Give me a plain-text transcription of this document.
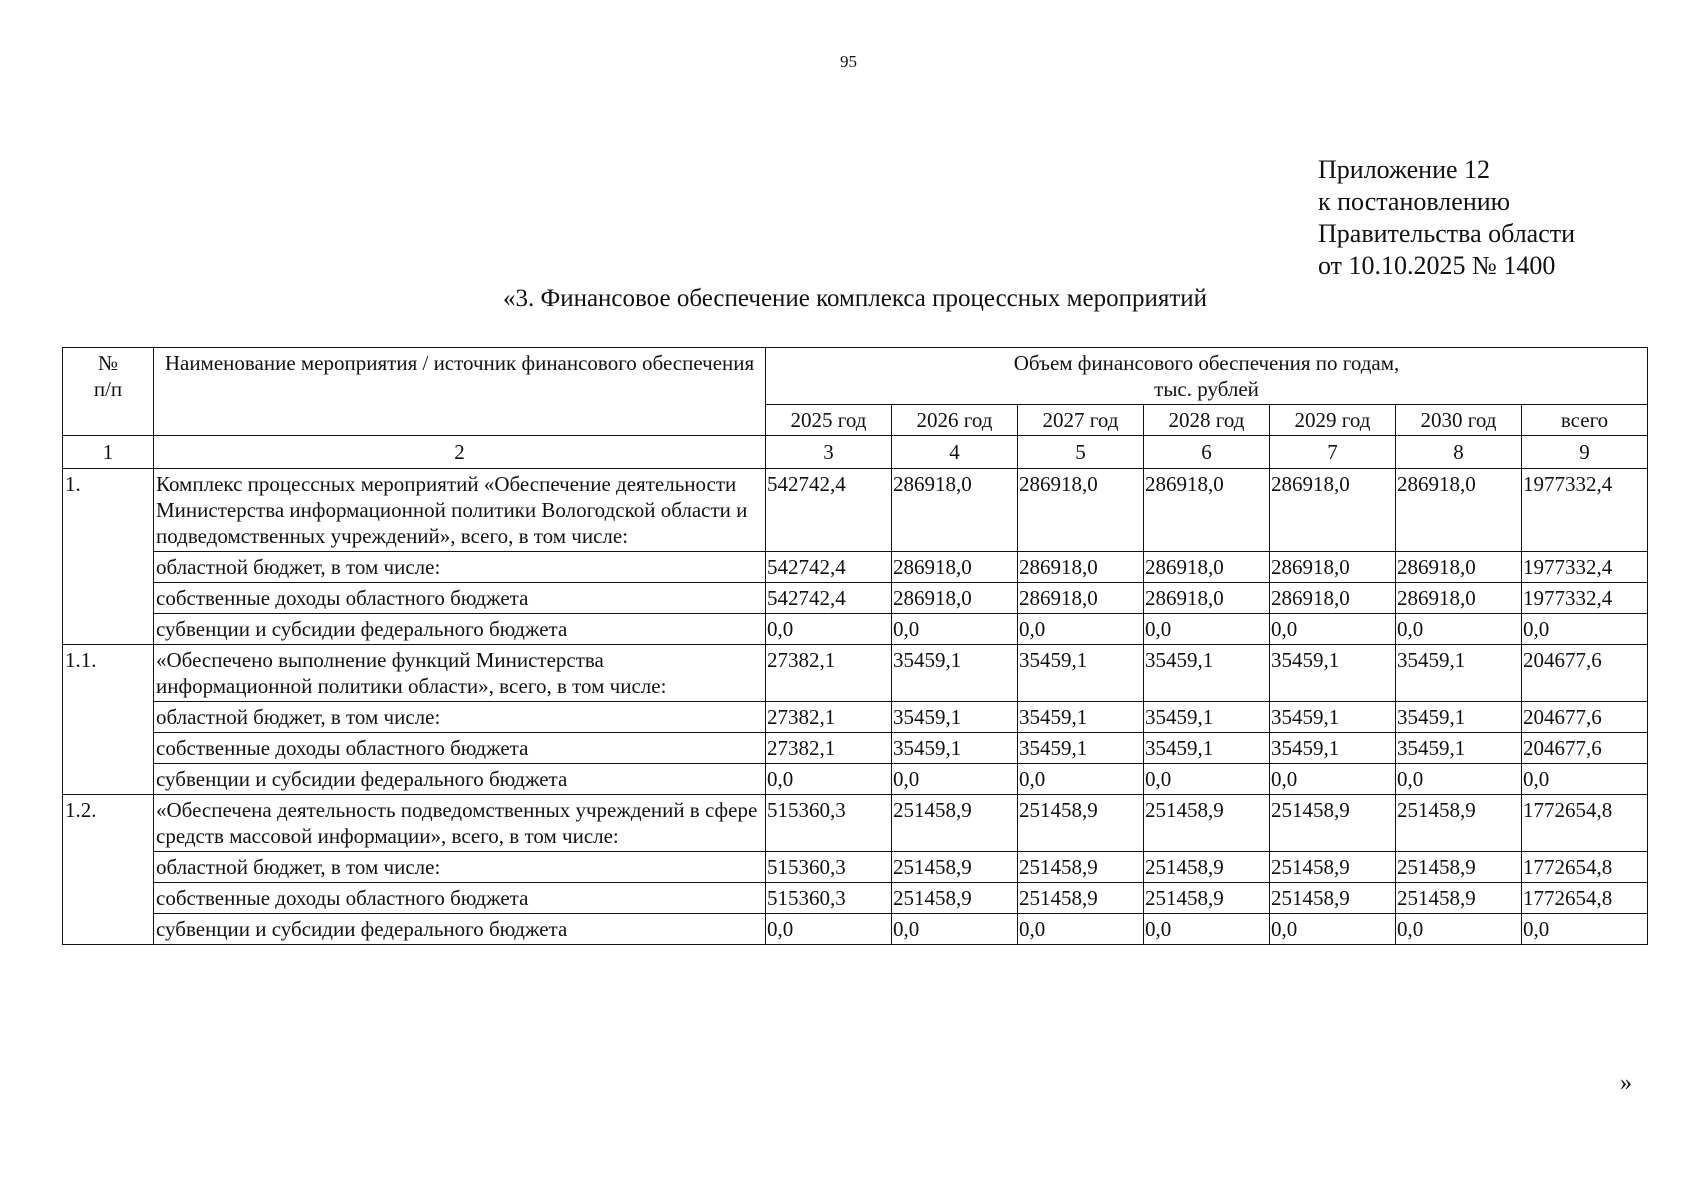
95
Приложение 12
к постановлению
Правительства области
от 10.10.2025 № 1400
«3. Финансовое обеспечение комплекса процессных мероприятий
№
п/п	Наименование мероприятия / источник финансового обеспечения	Объем финансового обеспечения по годам,
тыс. рублей						
		2025 год	2026 год	2027 год	2028 год	2029 год	2030 год	всего
1	2	3	4	5	6	7	8	9
1.	Комплекс процессных мероприятий «Обеспечение деятельности Министерства информационной политики Вологодской области и подведомственных учреждений», всего, в том числе:	542742,4	286918,0	286918,0	286918,0	286918,0	286918,0	1977332,4
	областной бюджет, в том числе:	542742,4	286918,0	286918,0	286918,0	286918,0	286918,0	1977332,4
	собственные доходы областного бюджета	542742,4	286918,0	286918,0	286918,0	286918,0	286918,0	1977332,4
	субвенции и субсидии федерального бюджета	0,0	0,0	0,0	0,0	0,0	0,0	0,0
1.1.	«Обеспечено выполнение функций Министерства информационной политики области», всего, в том числе:	27382,1	35459,1	35459,1	35459,1	35459,1	35459,1	204677,6
	областной бюджет, в том числе:	27382,1	35459,1	35459,1	35459,1	35459,1	35459,1	204677,6
	собственные доходы областного бюджета	27382,1	35459,1	35459,1	35459,1	35459,1	35459,1	204677,6
	субвенции и субсидии федерального бюджета	0,0	0,0	0,0	0,0	0,0	0,0	0,0
1.2.	«Обеспечена деятельность подведомственных учреждений в сфере средств массовой информации», всего, в том числе:	515360,3	251458,9	251458,9	251458,9	251458,9	251458,9	1772654,8
	областной бюджет, в том числе:	515360,3	251458,9	251458,9	251458,9	251458,9	251458,9	1772654,8
	собственные доходы областного бюджета	515360,3	251458,9	251458,9	251458,9	251458,9	251458,9	1772654,8
	субвенции и субсидии федерального бюджета	0,0	0,0	0,0	0,0	0,0	0,0	0,0
»
